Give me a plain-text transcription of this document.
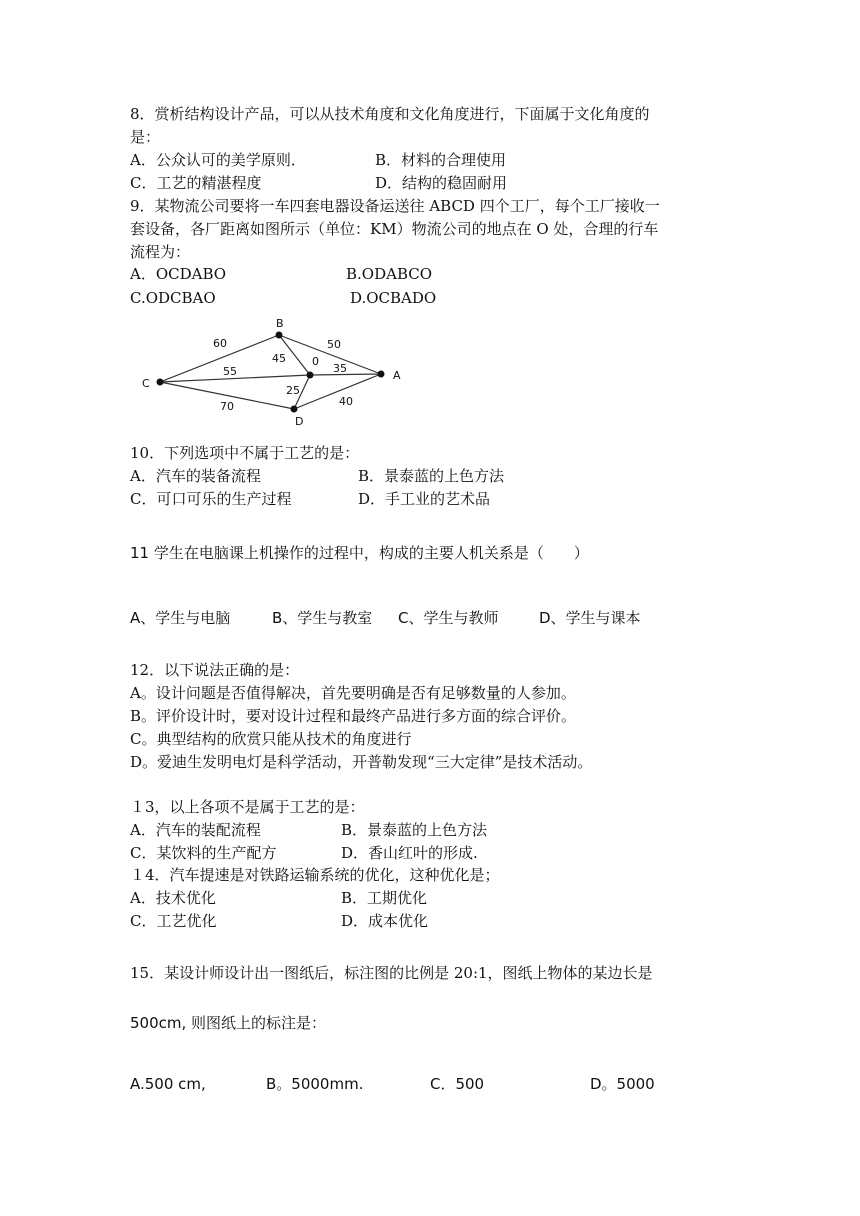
8．赏析结构设计产品，可以从技术角度和文化角度进行，下面属于文化角度的
是：
A．公众认可的美学原则．	B．材料的合理使用
C．工艺的精湛程度	D．结构的稳固耐用
9．某物流公司要将一车四套电器设备运送往 ABCD 四个工厂，每个工厂接收一
套设备，各厂距离如图所示（单位：KM）物流公司的地点在 O 处，合理的行车
流程为：
A．OCDABO	B.ODABCO
C.ODCBAO	D.OCBADO
B
C
0
A
D
60	50
45
55	35
25
70	40
10．下列选项中不属于工艺的是：
A．汽车的装备流程	B．景泰蓝的上色方法
C．可口可乐的生产过程	D．手工业的艺术品
11 学生在电脑课上机操作的过程中，构成的主要人机关系是（　　）
A、学生与电脑	B、学生与教室 C、学生与教师	D、学生与课本
12．以下说法正确的是：
A。设计问题是否值得解决，首先要明确是否有足够数量的人参加。
B。评价设计时，要对设计过程和最终产品进行多方面的综合评价。
C。典型结构的欣赏只能从技术的角度进行
D。爱迪生发明电灯是科学活动，开普勒发现“三大定律”是技术活动。
１3，以上各项不是属于工艺的是：
A．汽车的装配流程	B．景泰蓝的上色方法
C．某饮料的生产配方	D．香山红叶的形成.
１4．汽车提速是对铁路运输系统的优化，这种优化是；
A．技术优化	B．工期优化
C．工艺优化	D．成本优化
15．某设计师设计出一图纸后，标注图的比例是 20:1，图纸上物体的某边长是
500cm, 则图纸上的标注是：
A.500 cm,	B。5000mm.	C．500	D。5000
